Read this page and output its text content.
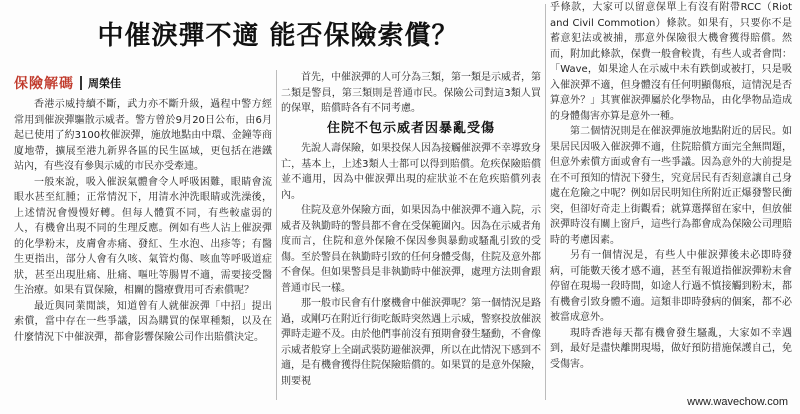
中催淚彈不適 能否保險索償？
保險解碼 周榮佳

香港示威持續不斷，武力亦不斷升級，過程中警方經常用到催淚彈驅散示威者。警方曾於9月20日公布，由6月起已使用了約3100枚催淚彈，施放地點由中環、金鐘等商廈地帶，擴展至港九新界各區的民生區域，更包括在港鐵站內，有些沒有參與示威的市民亦受牽連。

一般來說，吸入催淚氣體會令人呼吸困難，眼睛會流眼水甚至紅腫；正常情況下，用清水沖洗眼睛或洗澡後，上述情況會慢慢好轉。但每人體質不同，有些較虛弱的人，有機會出現不同的生理反應。例如有些人沾上催淚彈的化學粉末，皮膚會赤痛、發紅、生水泡、出疹等；有醫生更指出，部分人會有久咳、氣管灼傷、咳血等呼吸道症狀，甚至出現肚痛、肚痛、嘔吐等腸胃不適，需要接受醫生治療。如果有買保險，相關的醫療費用可否索償呢？

最近與同業閒談，知道曾有人就催淚彈「中招」提出索償，當中存在一些爭議，因為購買的保單種類，以及在什麼情況下中催淚彈，都會影響保險公司作出賠償決定。

首先，中催淚彈的人可分為三類，第一類是示威者，第二類是警員，第三類則是普通市民。保險公司對這3類人買的保單，賠償時各有不同考慮。

住院不包示威者因暴亂受傷

先說人壽保險，如果投保人因為接觸催淚彈不幸導致身亡，基本上，上述3類人士都可以得到賠償。危疾保險賠償並不適用，因為中催淚彈出現的症狀並不在危疾賠償列表內。

住院及意外保險方面，如果因為中催淚彈不適入院，示威者及執勤時的警員都不會在受保範圍內。因為在示威者角度而言，住院和意外保險不保因參與暴動或騷亂引致的受傷。至於警員在執勤時引致的任何身體受傷，住院及意外都不會保。但如果警員是非執勤時中催淚彈，處理方法則會跟普通市民一樣。

那一般市民會有什麼機會中催淚彈呢？第一個情況是路過，或剛巧在附近行街吃飯時突然遇上示威，警察投放催淚彈時走避不及。由於他們事前沒有預期會發生騷動，不會像示威者般穿上全副武裝防避催淚彈，所以在此情況下感到不適，是有機會獲得住院保險賠償的。如果買的是意外保險，則要視

乎條款，大家可以留意保單上有沒有附帶RCC（Riot and Civil Commotion）條款。如果有，只要你不是蓄意犯法或被捕，那意外保險很大機會獲得賠償。然而，附加此條款，保費一般會較貴，有些人或者會問：「Wave，如果途人在示威中未有跌倒或被打，只是吸入催淚彈不適，但身體沒有任何明顯傷痕，這情況是否算意外？」其實催淚彈屬於化學物品，由化學物品造成的身體傷害亦算是意外一種。

第二個情況則是在催淚彈施放地點附近的居民。如果居民因吸入催淚彈不適，住院賠償方面完全無問題，但意外索償方面或會有一些爭議。因為意外的大前提是在不可預知的情況下發生，究竟居民有否刻意讓自己身處在危險之中呢？例如居民明知住所附近正爆發警民衝突，但卻好奇走上街觀看；就算選擇留在家中，但放催淚彈時沒有關上窗戶，這些行為都會成為保險公司理賠時的考慮因素。

另有一個情況是，有些人中催淚彈後未必即時發病，可能數天後才感不適，甚至有報道指催淚彈粉末會停留在現場一段時間，如途人行過不慎接觸到粉末，都有機會引致身體不適。這類非即時發病的個案，都不必被當成意外。

現時香港每天都有機會發生騷亂，大家如不幸遇到，最好是盡快離開現場，做好預防措施保護自己，免受傷害。

www.wavechow.com
